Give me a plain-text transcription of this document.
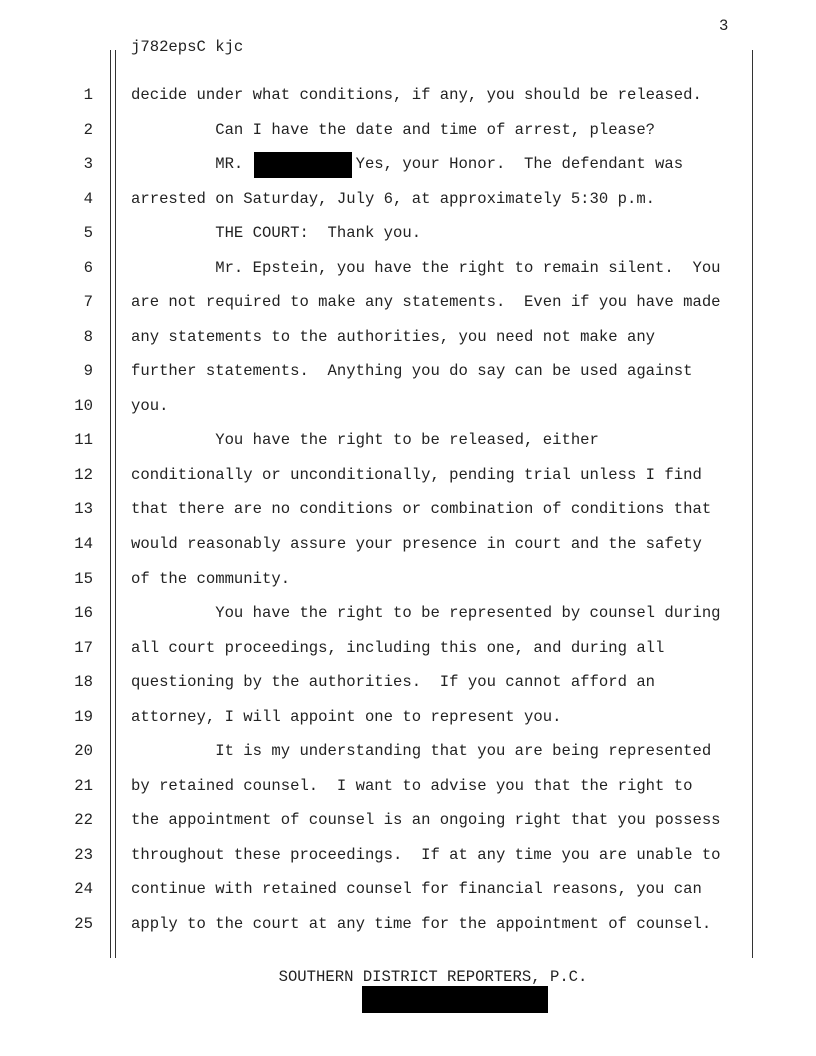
3
j782epsC kjc
1 decide under what conditions, if any, you should be released.
2 Can I have the date and time of arrest, please?
3 MR.            Yes, your Honor.  The defendant was
4 arrested on Saturday, July 6, at approximately 5:30 p.m.
5 THE COURT:  Thank you.
6 Mr. Epstein, you have the right to remain silent.  You
7 are not required to make any statements.  Even if you have made
8 any statements to the authorities, you need not make any
9 further statements.  Anything you do say can be used against
10 you.
11 You have the right to be released, either
12 conditionally or unconditionally, pending trial unless I find
13 that there are no conditions or combination of conditions that
14 would reasonably assure your presence in court and the safety
15 of the community.
16 You have the right to be represented by counsel during
17 all court proceedings, including this one, and during all
18 questioning by the authorities.  If you cannot afford an
19 attorney, I will appoint one to represent you.
20 It is my understanding that you are being represented
21 by retained counsel.  I want to advise you that the right to
22 the appointment of counsel is an ongoing right that you possess
23 throughout these proceedings.  If at any time you are unable to
24 continue with retained counsel for financial reasons, you can
25 apply to the court at any time for the appointment of counsel.
SOUTHERN DISTRICT REPORTERS, P.C.
